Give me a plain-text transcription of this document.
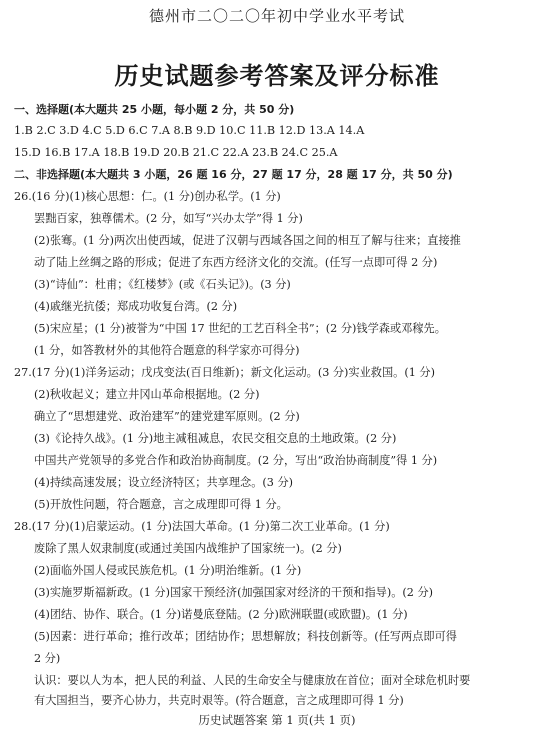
德州市二〇二〇年初中学业水平考试
历史试题参考答案及评分标准
一、选择题(本大题共 25 小题，每小题 2 分，共 50 分)
1.B 2.C 3.D 4.C 5.D 6.C 7.A 8.B 9.D 10.C 11.B 12.D 13.A 14.A
15.D 16.B 17.A 18.B 19.D 20.B 21.C 22.A 23.B 24.C 25.A
二、非选择题(本大题共 3 小题，26 题 16 分，27 题 17 分，28 题 17 分，共 50 分)
26.(16 分)(1)核心思想：仁。(1 分)创办私学。(1 分)
罢黜百家，独尊儒术。(2 分，如写“兴办太学”得 1 分)
(2)张骞。(1 分)两次出使西域，促进了汉朝与西域各国之间的相互了解与往来；直接推
动了陆上丝绸之路的形成；促进了东西方经济文化的交流。(任写一点即可得 2 分)
(3)“诗仙”：杜甫；《红楼梦》(或《石头记》)。(3 分)
(4)戚继光抗倭；郑成功收复台湾。(2 分)
(5)宋应星；(1 分)被誉为“中国 17 世纪的工艺百科全书”；(2 分)钱学森或邓稼先。
(1 分，如答教材外的其他符合题意的科学家亦可得分)
27.(17 分)(1)洋务运动；戊戌变法(百日维新)；新文化运动。(3 分)实业救国。(1 分)
(2)秋收起义；建立井冈山革命根据地。(2 分)
确立了“思想建党、政治建军”的建党建军原则。(2 分)
(3)《论持久战》。(1 分)地主减租减息，农民交租交息的土地政策。(2 分)
中国共产党领导的多党合作和政治协商制度。(2 分，写出“政治协商制度”得 1 分)
(4)持续高速发展；设立经济特区；共享理念。(3 分)
(5)开放性问题，符合题意，言之成理即可得 1 分。
28.(17 分)(1)启蒙运动。(1 分)法国大革命。(1 分)第二次工业革命。(1 分)
废除了黑人奴隶制度(或通过美国内战维护了国家统一)。(2 分)
(2)面临外国人侵或民族危机。(1 分)明治维新。(1 分)
(3)实施罗斯福新政。(1 分)国家干预经济(加强国家对经济的干预和指导)。(2 分)
(4)团结、协作、联合。(1 分)诺曼底登陆。(2 分)欧洲联盟(或欧盟)。(1 分)
(5)因素：进行革命；推行改革；团结协作；思想解放；科技创新等。(任写两点即可得
2 分)
认识：要以人为本，把人民的利益、人民的生命安全与健康放在首位；面对全球危机时要
有大国担当，要齐心协力，共克时艰等。(符合题意，言之成理即可得 1 分)
历史试题答案 第 1 页(共 1 页)
